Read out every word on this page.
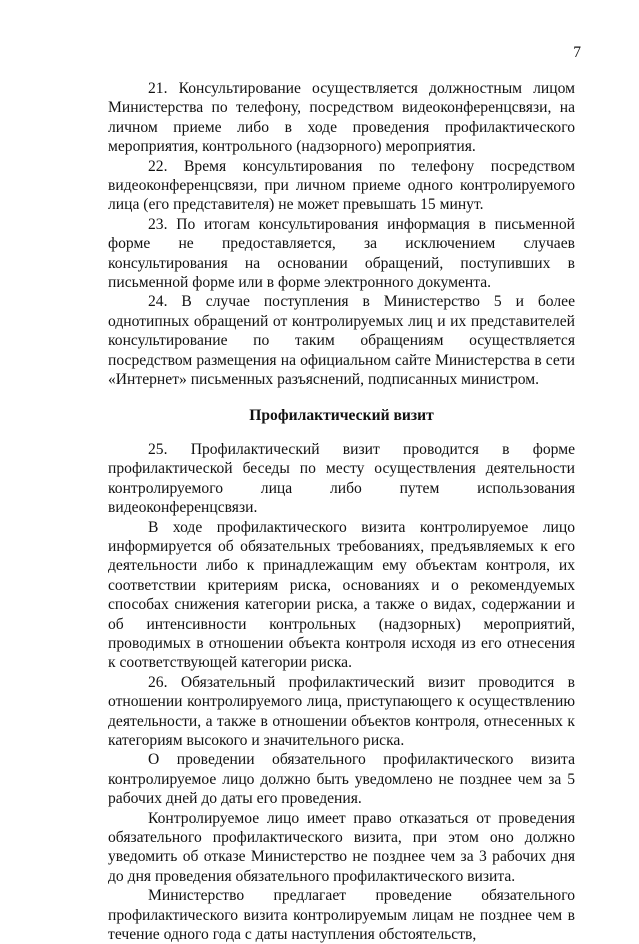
7

21. Консультирование осуществляется должностным лицом Министерства по телефону, посредством видеоконференцсвязи, на личном приеме либо в ходе проведения профилактического мероприятия, контрольного (надзорного) мероприятия.

22. Время консультирования по телефону посредством видеоконференцсвязи, при личном приеме одного контролируемого лица (его представителя) не может превышать 15 минут.

23. По итогам консультирования информация в письменной форме не предоставляется, за исключением случаев консультирования на основании обращений, поступивших в письменной форме или в форме электронного документа.

24. В случае поступления в Министерство 5 и более однотипных обращений от контролируемых лиц и их представителей консультирование по таким обращениям осуществляется посредством размещения на официальном сайте Министерства в сети «Интернет» письменных разъяснений, подписанных министром.

Профилактический визит

25. Профилактический визит проводится в форме профилактической беседы по месту осуществления деятельности контролируемого лица либо путем использования видеоконференцсвязи.

В ходе профилактического визита контролируемое лицо информируется об обязательных требованиях, предъявляемых к его деятельности либо к принадлежащим ему объектам контроля, их соответствии критериям риска, основаниях и о рекомендуемых способах снижения категории риска, а также о видах, содержании и об интенсивности контрольных (надзорных) мероприятий, проводимых в отношении объекта контроля исходя из его отнесения к соответствующей категории риска.

26. Обязательный профилактический визит проводится в отношении контролируемого лица, приступающего к осуществлению деятельности, а также в отношении объектов контроля, отнесенных к категориям высокого и значительного риска.

О проведении обязательного профилактического визита контролируемое лицо должно быть уведомлено не позднее чем за 5 рабочих дней до даты его проведения.

Контролируемое лицо имеет право отказаться от проведения обязательного профилактического визита, при этом оно должно уведомить об отказе Министерство не позднее чем за 3 рабочих дня до дня проведения обязательного профилактического визита.

Министерство предлагает проведение обязательного профилактического визита контролируемым лицам не позднее чем в течение одного года с даты наступления обстоятельств,
